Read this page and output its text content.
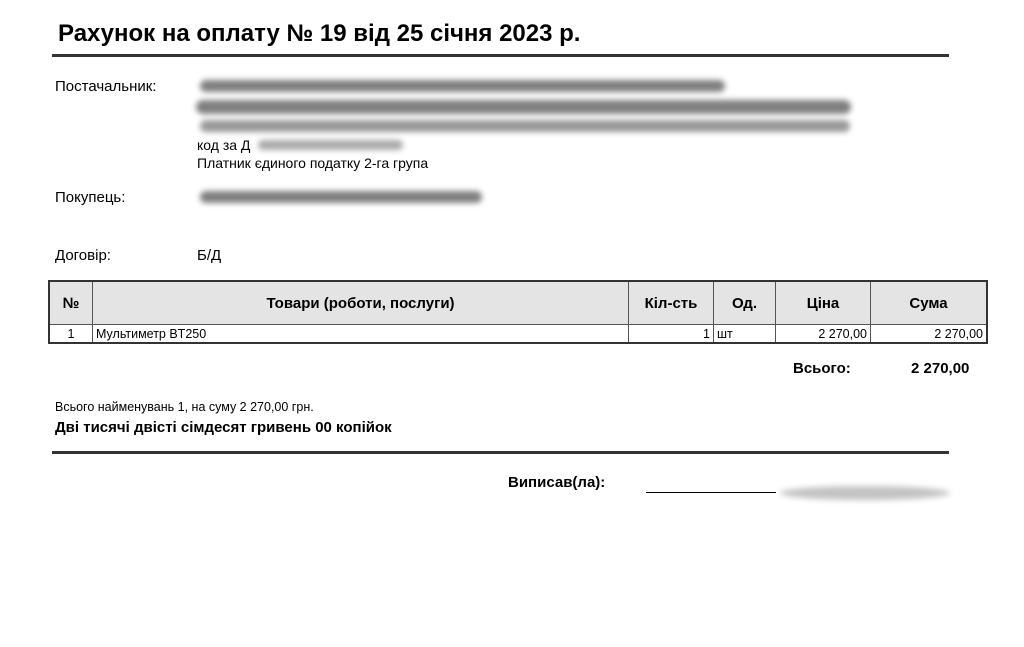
Рахунок на оплату № 19 від 25 січня 2023 р.
Постачальник:
код за Д
Платник єдиного податку 2-га група
Покупець:
Договір:	Б/Д
№	Товари (роботи, послуги)	Кіл-сть	Од.	Ціна	Сума
1	Мультиметр BT250	1	шт	2 270,00	2 270,00
Всього:	2 270,00
Всього найменувань 1, на суму 2 270,00 грн.
Дві тисячі двісті сімдесят гривень 00 копійок
Виписав(ла):
